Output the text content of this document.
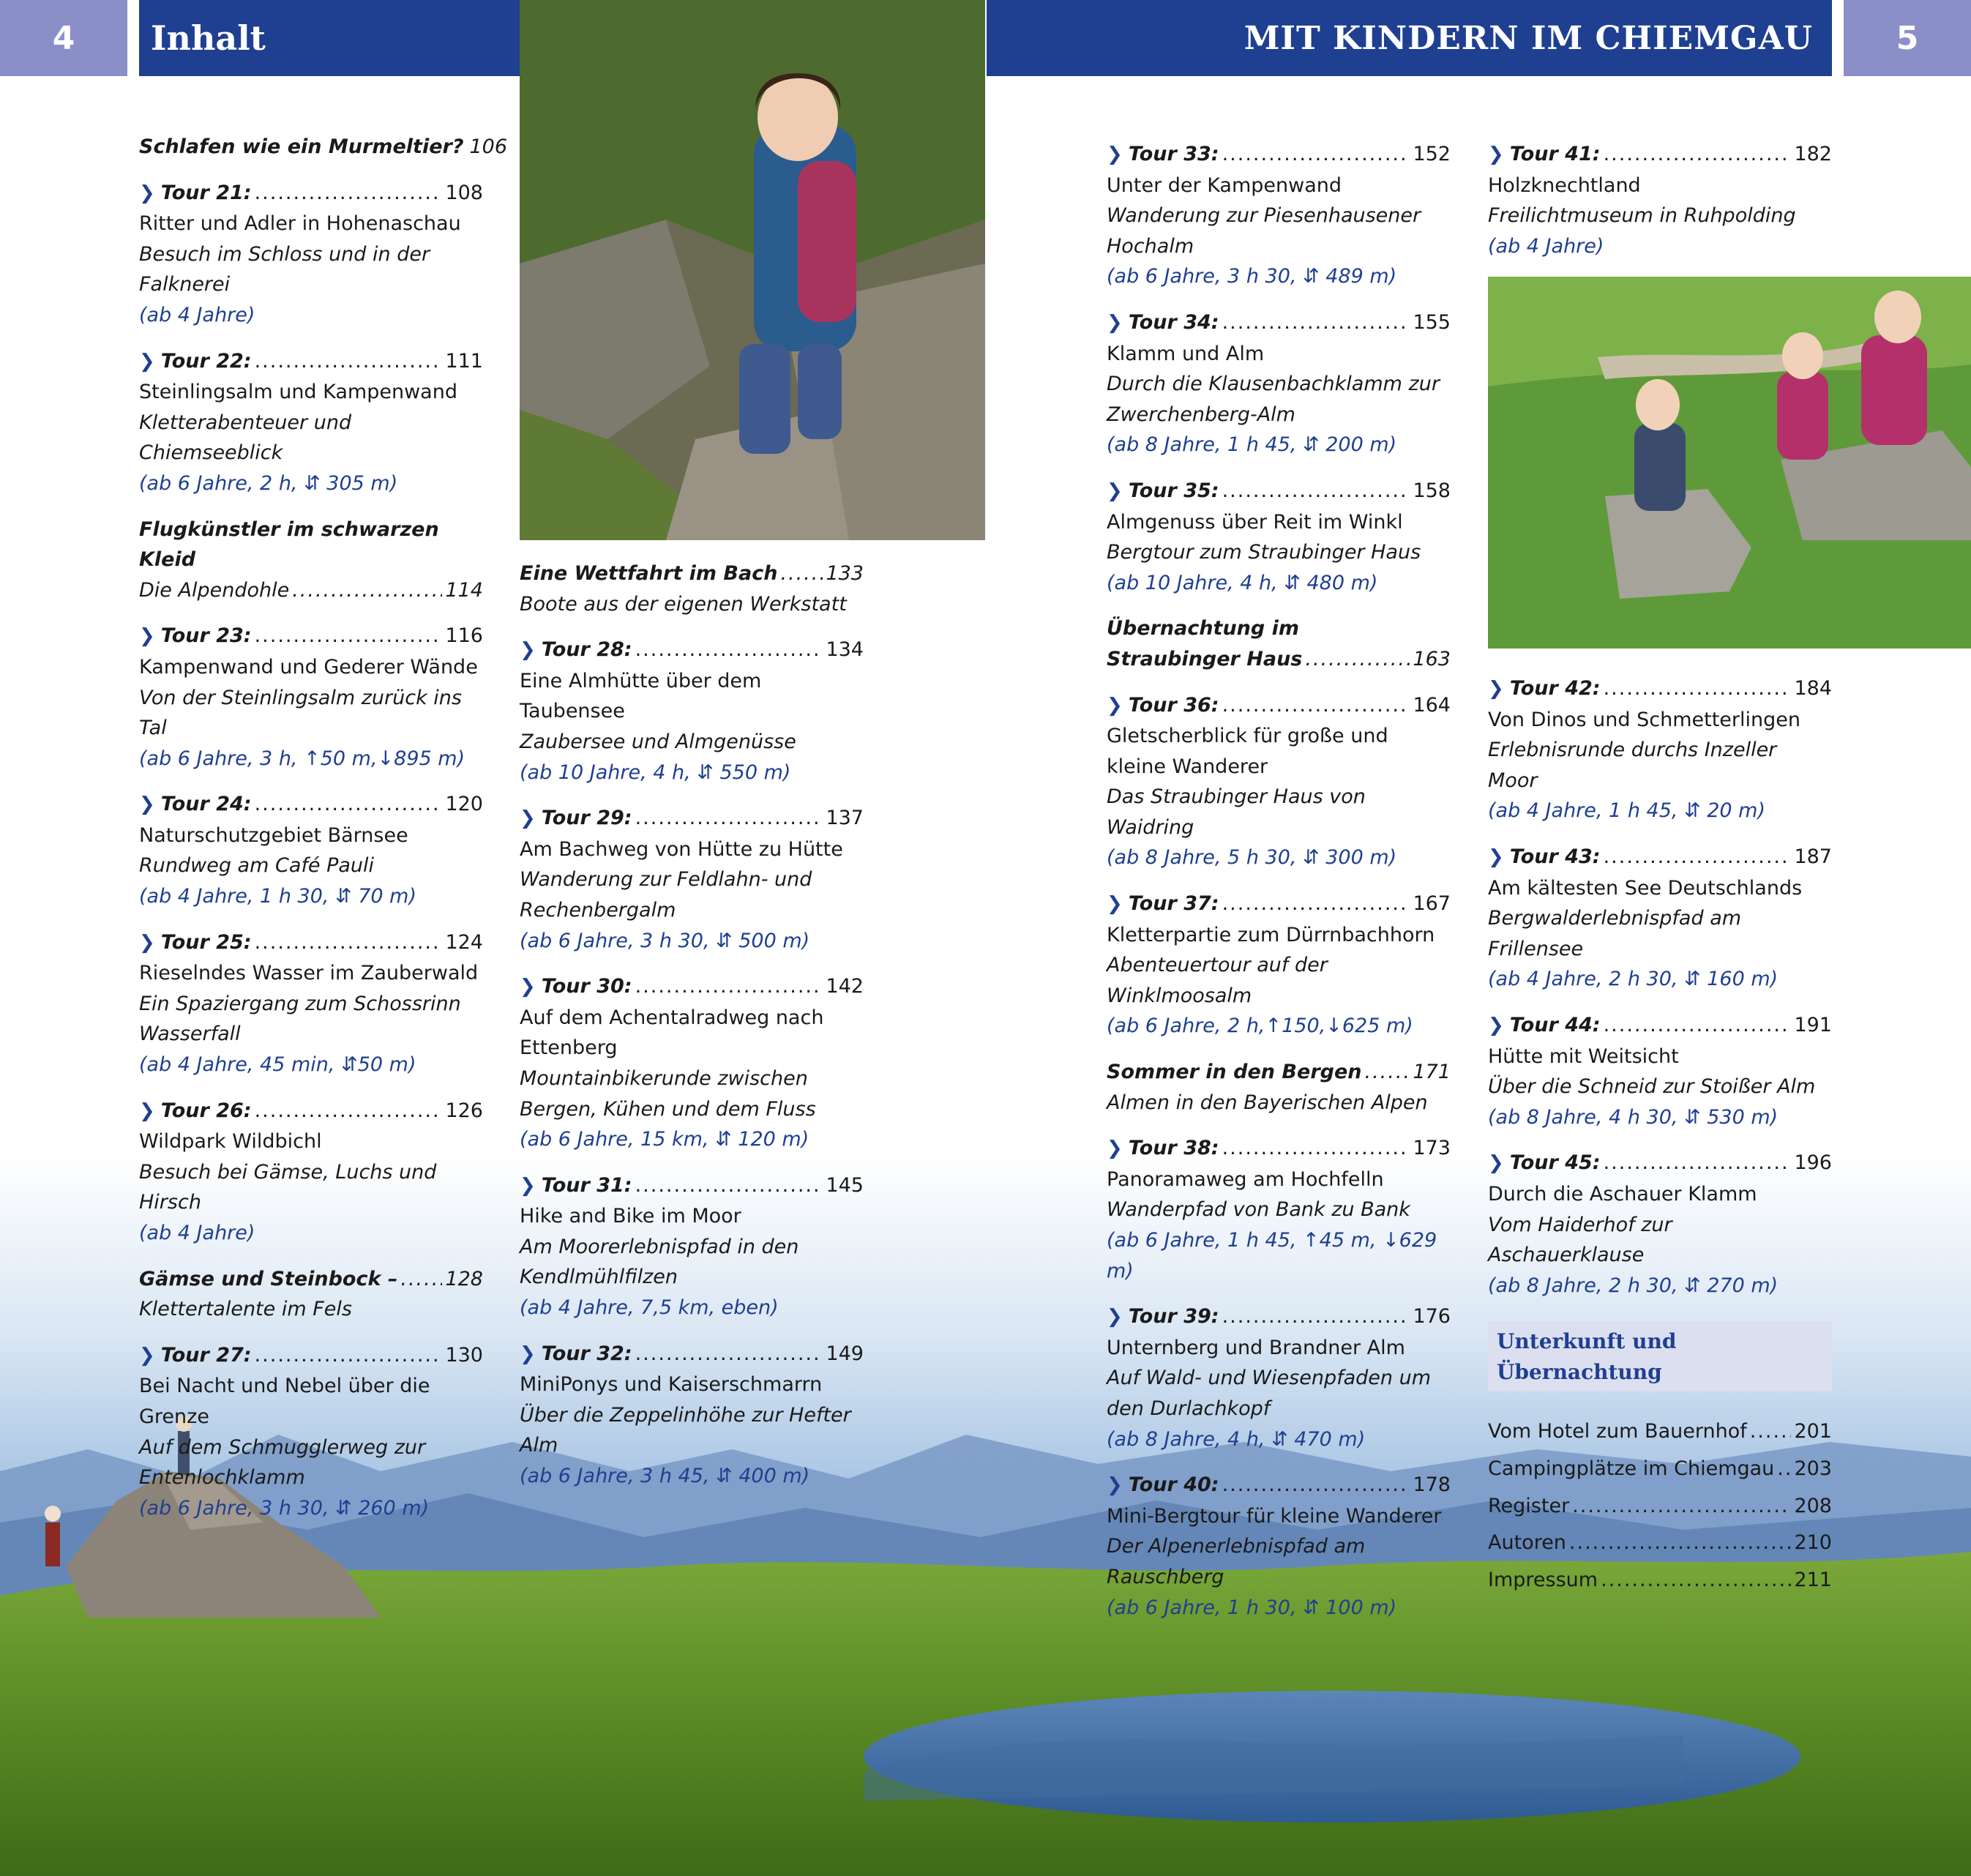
4	Inhalt	MIT KINDERN IM CHIEMGAU	5
Schlafen wie ein Murmeltier? ..... 106
❯ Tour 21: .....	108
Ritter und Adler in Hohenaschau
Besuch im Schloss und in der Falknerei
(ab 4 Jahre)
❯ Tour 22: .....	111
Steinlingsalm und Kampenwand
Kletterabenteuer und Chiemseeblick
(ab 6 Jahre, 2 h, ⇵ 305 m)
Flugkünstler im schwarzen Kleid
Die Alpendohle .....	114
❯ Tour 23: .....	116
Kampenwand und Gederer Wände
Von der Steinlingsalm zurück ins Tal
(ab 6 Jahre, 3 h, ↑50 m,↓895 m)
❯ Tour 24: .....	120
Naturschutzgebiet Bärnsee
Rundweg am Café Pauli
(ab 4 Jahre, 1 h 30, ⇵ 70 m)
❯ Tour 25: .....	124
Rieselndes Wasser im Zauberwald
Ein Spaziergang zum Schossrinn Wasserfall
(ab 4 Jahre, 45 min, ⇵50 m)
❯ Tour 26: .....	126
Wildpark Wildbichl
Besuch bei Gämse, Luchs und Hirsch
(ab 4 Jahre)
Gämse und Steinbock – ..... 128
Klettertalente im Fels
❯ Tour 27: .....	130
Bei Nacht und Nebel über die Grenze
Auf dem Schmugglerweg zur Entenlochklamm
(ab 6 Jahre, 3 h 30, ⇵ 260 m)
Eine Wettfahrt im Bach ..... 133
Boote aus der eigenen Werkstatt
❯ Tour 28: .....	134
Eine Almhütte über dem Taubensee
Zaubersee und Almgenüsse
(ab 10 Jahre, 4 h, ⇵ 550 m)
❯ Tour 29: .....	137
Am Bachweg von Hütte zu Hütte
Wanderung zur Feldlahn- und Rechenbergalm
(ab 6 Jahre, 3 h 30, ⇵ 500 m)
❯ Tour 30: .....	142
Auf dem Achentalradweg nach Ettenberg
Mountainbikerunde zwischen Bergen, Kühen und dem Fluss
(ab 6 Jahre, 15 km, ⇵ 120 m)
❯ Tour 31: .....	145
Hike and Bike im Moor
Am Moorerlebnispfad in den Kendlmühlfilzen
(ab 4 Jahre, 7,5 km, eben)
❯ Tour 32: .....	149
MiniPonys und Kaiserschmarrn
Über die Zeppelinhöhe zur Hefter Alm
(ab 6 Jahre, 3 h 45, ⇵ 400 m)
❯ Tour 33: .....	152
Unter der Kampenwand
Wanderung zur Piesenhausener Hochalm
(ab 6 Jahre, 3 h 30, ⇵ 489 m)
❯ Tour 34: .....	155
Klamm und Alm
Durch die Klausenbachklamm zur Zwerchenberg-Alm
(ab 8 Jahre, 1 h 45, ⇵ 200 m)
❯ Tour 35: .....	158
Almgenuss über Reit im Winkl
Bergtour zum Straubinger Haus
(ab 10 Jahre, 4 h, ⇵ 480 m)
Übernachtung im
Straubinger Haus .....	163
❯ Tour 36: .....	164
Gletscherblick für große und kleine Wanderer
Das Straubinger Haus von Waidring
(ab 8 Jahre, 5 h 30, ⇵ 300 m)
❯ Tour 37: .....	167
Kletterpartie zum Dürrnbachhorn
Abenteuertour auf der Winklmoosalm
(ab 6 Jahre, 2 h,↑150,↓625 m)
Sommer in den Bergen .....	171
Almen in den Bayerischen Alpen
❯ Tour 38: .....	173
Panoramaweg am Hochfelln
Wanderpfad von Bank zu Bank
(ab 6 Jahre, 1 h 45, ↑45 m, ↓629 m)
❯ Tour 39: .....	176
Unternberg und Brandner Alm
Auf Wald- und Wiesenpfaden um den Durlachkopf
(ab 8 Jahre, 4 h, ⇵ 470 m)
❯ Tour 40: .....	178
Mini-Bergtour für kleine Wanderer
Der Alpenerlebnispfad am Rauschberg
(ab 6 Jahre, 1 h 30, ⇵ 100 m)
❯ Tour 41: .....	182
Holzknechtland
Freilichtmuseum in Ruhpolding
(ab 4 Jahre)
❯ Tour 42: .....	184
Von Dinos und Schmetterlingen
Erlebnisrunde durchs Inzeller Moor
(ab 4 Jahre, 1 h 45, ⇵ 20 m)
❯ Tour 43: .....	187
Am kältesten See Deutschlands
Bergwalderlebnispfad am Frillensee
(ab 4 Jahre, 2 h 30, ⇵ 160 m)
❯ Tour 44: .....	191
Hütte mit Weitsicht
Über die Schneid zur Stoißer Alm
(ab 8 Jahre, 4 h 30, ⇵ 530 m)
❯ Tour 45: .....	196
Durch die Aschauer Klamm
Vom Haiderhof zur Aschauerklause
(ab 8 Jahre, 2 h 30, ⇵ 270 m)
Unterkunft und Übernachtung
Vom Hotel zum Bauernhof ..... 201
Campingplätze im Chiemgau ..... 203
Register .....	208
Autoren .....	210
Impressum .....	211
